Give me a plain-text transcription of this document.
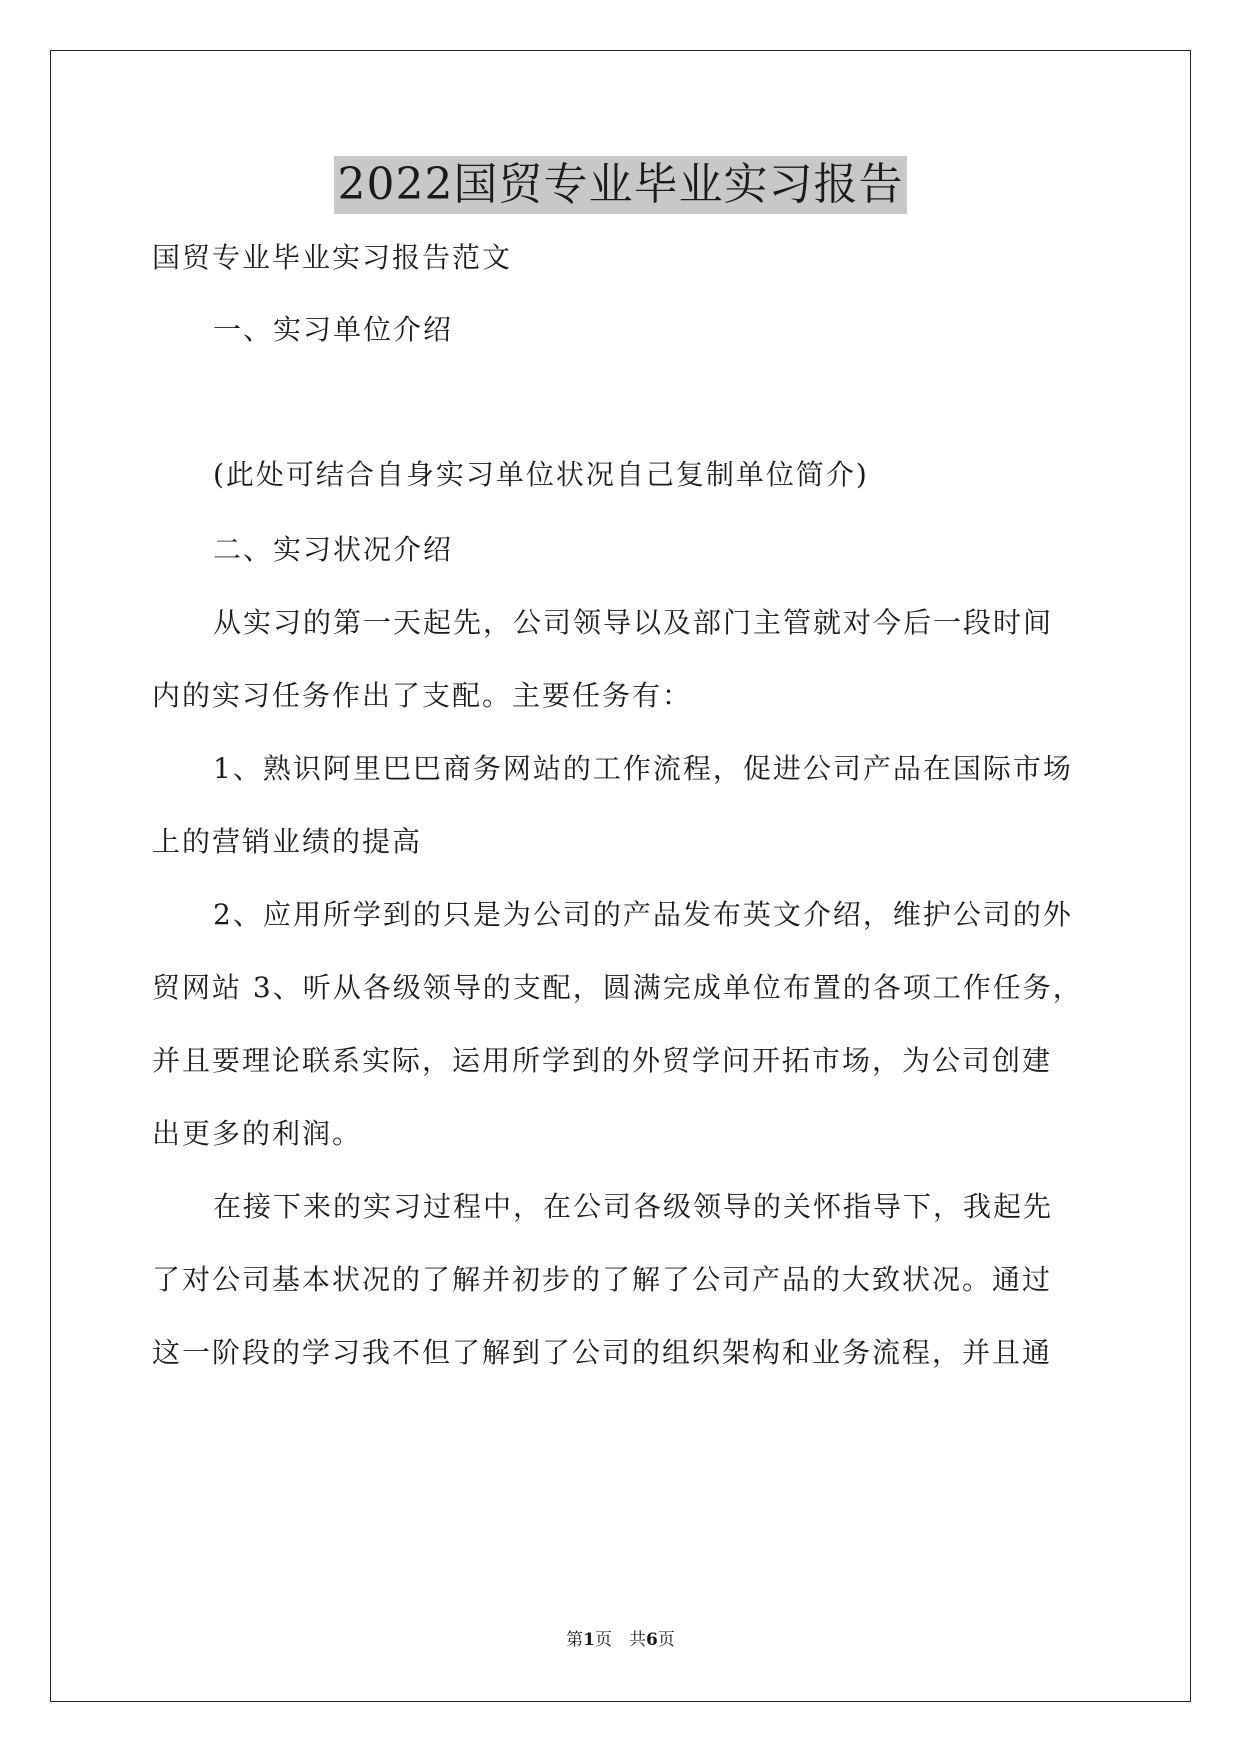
2022国贸专业毕业实习报告
国贸专业毕业实习报告范文
一、实习单位介绍
(此处可结合自身实习单位状况自己复制单位简介)
二、实习状况介绍
从实习的第一天起先，公司领导以及部门主管就对今后一段时间
内的实习任务作出了支配。主要任务有：
1、熟识阿里巴巴商务网站的工作流程，促进公司产品在国际市场
上的营销业绩的提高
2、应用所学到的只是为公司的产品发布英文介绍，维护公司的外
贸网站 3、听从各级领导的支配，圆满完成单位布置的各项工作任务，
并且要理论联系实际，运用所学到的外贸学问开拓市场，为公司创建
出更多的利润。
在接下来的实习过程中，在公司各级领导的关怀指导下，我起先
了对公司基本状况的了解并初步的了解了公司产品的大致状况。通过
这一阶段的学习我不但了解到了公司的组织架构和业务流程，并且通
第1页　共6页
